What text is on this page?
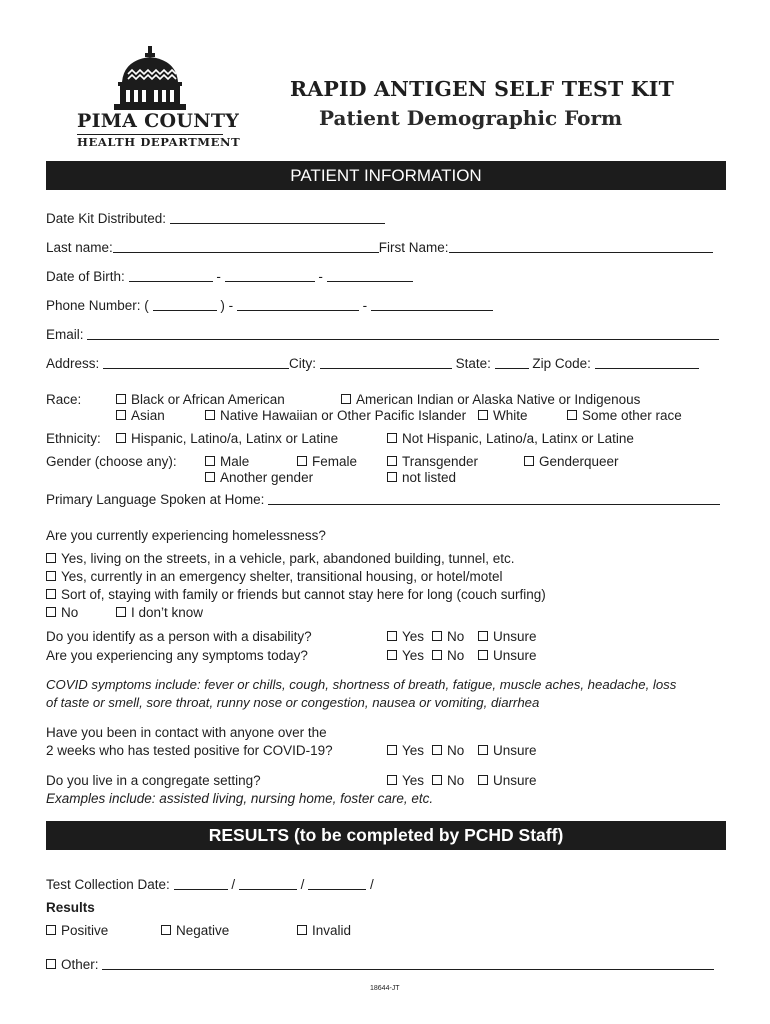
PIMA COUNTY
HEALTH DEPARTMENT
RAPID ANTIGEN SELF TEST KIT
Patient Demographic Form
PATIENT INFORMATION
Date Kit Distributed:
Last name:	First Name:
Date of Birth:	-	-
Phone Number: (	) -	-
Email:
Address:	City:	State:	Zip Code:
Race:	Black or African American	American Indian or Alaska Native or Indigenous
Asian	Native Hawaiian or Other Pacific Islander	White	Some other race
Ethnicity:	Hispanic, Latino/a, Latinx or Latine	Not Hispanic, Latino/a, Latinx or Latine
Gender (choose any):	Male	Female	Transgender	Genderqueer
Another gender	not listed
Primary Language Spoken at Home:
Are you currently experiencing homelessness?
Yes, living on the streets, in a vehicle, park, abandoned building, tunnel, etc.
Yes, currently in an emergency shelter, transitional housing, or hotel/motel
Sort of, staying with family or friends but cannot stay here for long (couch surfing)
No	I don’t know
Do you identify as a person with a disability?	Yes	No	Unsure
Are you experiencing any symptoms today?	Yes	No	Unsure
COVID symptoms include: fever or chills, cough, shortness of breath, fatigue, muscle aches, headache, loss
of taste or smell, sore throat, runny nose or congestion, nausea or vomiting, diarrhea
Have you been in contact with anyone over the
2 weeks who has tested positive for COVID-19?	Yes	No	Unsure
Do you live in a congregate setting?	Yes	No	Unsure
Examples include: assisted living, nursing home, foster care, etc.
RESULTS (to be completed by PCHD Staff)
Test Collection Date:	/	/	/
Results
Positive	Negative	Invalid
Other:
18644-JT
